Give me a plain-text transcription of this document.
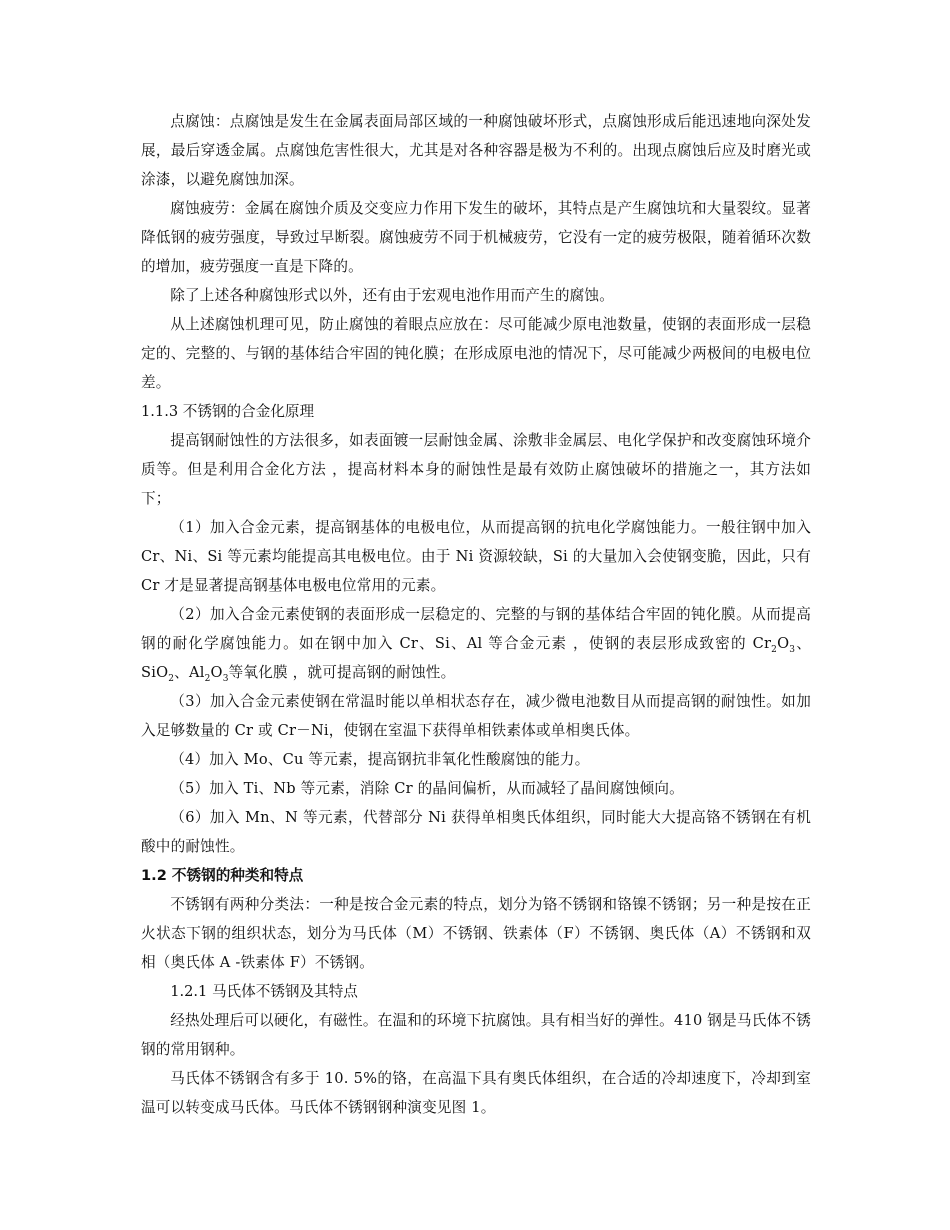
点腐蚀：点腐蚀是发生在金属表面局部区域的一种腐蚀破坏形式，点腐蚀形成后能迅速地向深处发展，最后穿透金属。点腐蚀危害性很大，尤其是对各种容器是极为不利的。出现点腐蚀后应及时磨光或涂漆，以避免腐蚀加深。

腐蚀疲劳：金属在腐蚀介质及交变应力作用下发生的破坏，其特点是产生腐蚀坑和大量裂纹。显著降低钢的疲劳强度，导致过早断裂。腐蚀疲劳不同于机械疲劳，它没有一定的疲劳极限，随着循环次数的增加，疲劳强度一直是下降的。

除了上述各种腐蚀形式以外，还有由于宏观电池作用而产生的腐蚀。

从上述腐蚀机理可见，防止腐蚀的着眼点应放在：尽可能减少原电池数量，使钢的表面形成一层稳定的、完整的、与钢的基体结合牢固的钝化膜；在形成原电池的情况下，尽可能减少两极间的电极电位差。

1.1.3 不锈钢的合金化原理

提高钢耐蚀性的方法很多，如表面镀一层耐蚀金属、涂敷非金属层、电化学保护和改变腐蚀环境介质等。但是利用合金化方法 ，提高材料本身的耐蚀性是最有效防止腐蚀破坏的措施之一，其方法如下；

（1）加入合金元素，提高钢基体的电极电位，从而提高钢的抗电化学腐蚀能力。一般往钢中加入 Cr、Ni、Si 等元素均能提高其电极电位。由于 Ni 资源较缺，Si 的大量加入会使钢变脆，因此，只有 Cr 才是显著提高钢基体电极电位常用的元素。

（2）加入合金元素使钢的表面形成一层稳定的、完整的与钢的基体结合牢固的钝化膜。从而提高钢的耐化学腐蚀能力。如在钢中加入 Cr、Si、Al 等合金元素 ，使钢的表层形成致密的 $Cr_2O_3$、SiO$_2$、$Al_2O_3$等氧化膜 ，就可提高钢的耐蚀性。

（3）加入合金元素使钢在常温时能以单相状态存在，减少微电池数目从而提高钢的耐蚀性。如加入足够数量的 Cr 或 Cr－Ni，使钢在室温下获得单相铁素体或单相奥氏体。

（4）加入 Mo、Cu 等元素，提高钢抗非氧化性酸腐蚀的能力。

（5）加入 Ti、Nb 等元素，消除 Cr 的晶间偏析，从而减轻了晶间腐蚀倾向。

（6）加入 Mn、N 等元素，代替部分 Ni 获得单相奥氏体组织，同时能大大提高铬不锈钢在有机酸中的耐蚀性。

1.2 不锈钢的种类和特点

不锈钢有两种分类法：一种是按合金元素的特点，划分为铬不锈钢和铬镍不锈钢；另一种是按在正火状态下钢的组织状态，划分为马氏体（M）不锈钢、铁素体（F）不锈钢、奥氏体（A）不锈钢和双相（奥氏体 A -铁素体 F）不锈钢。

1.2.1 马氏体不锈钢及其特点

经热处理后可以硬化，有磁性。在温和的环境下抗腐蚀。具有相当好的弹性。410 钢是马氏体不锈钢的常用钢种。

马氏体不锈钢含有多于 10. 5%的铬，在高温下具有奥氏体组织，在合适的冷却速度下，冷却到室温可以转变成马氏体。马氏体不锈钢钢种演变见图 1。
